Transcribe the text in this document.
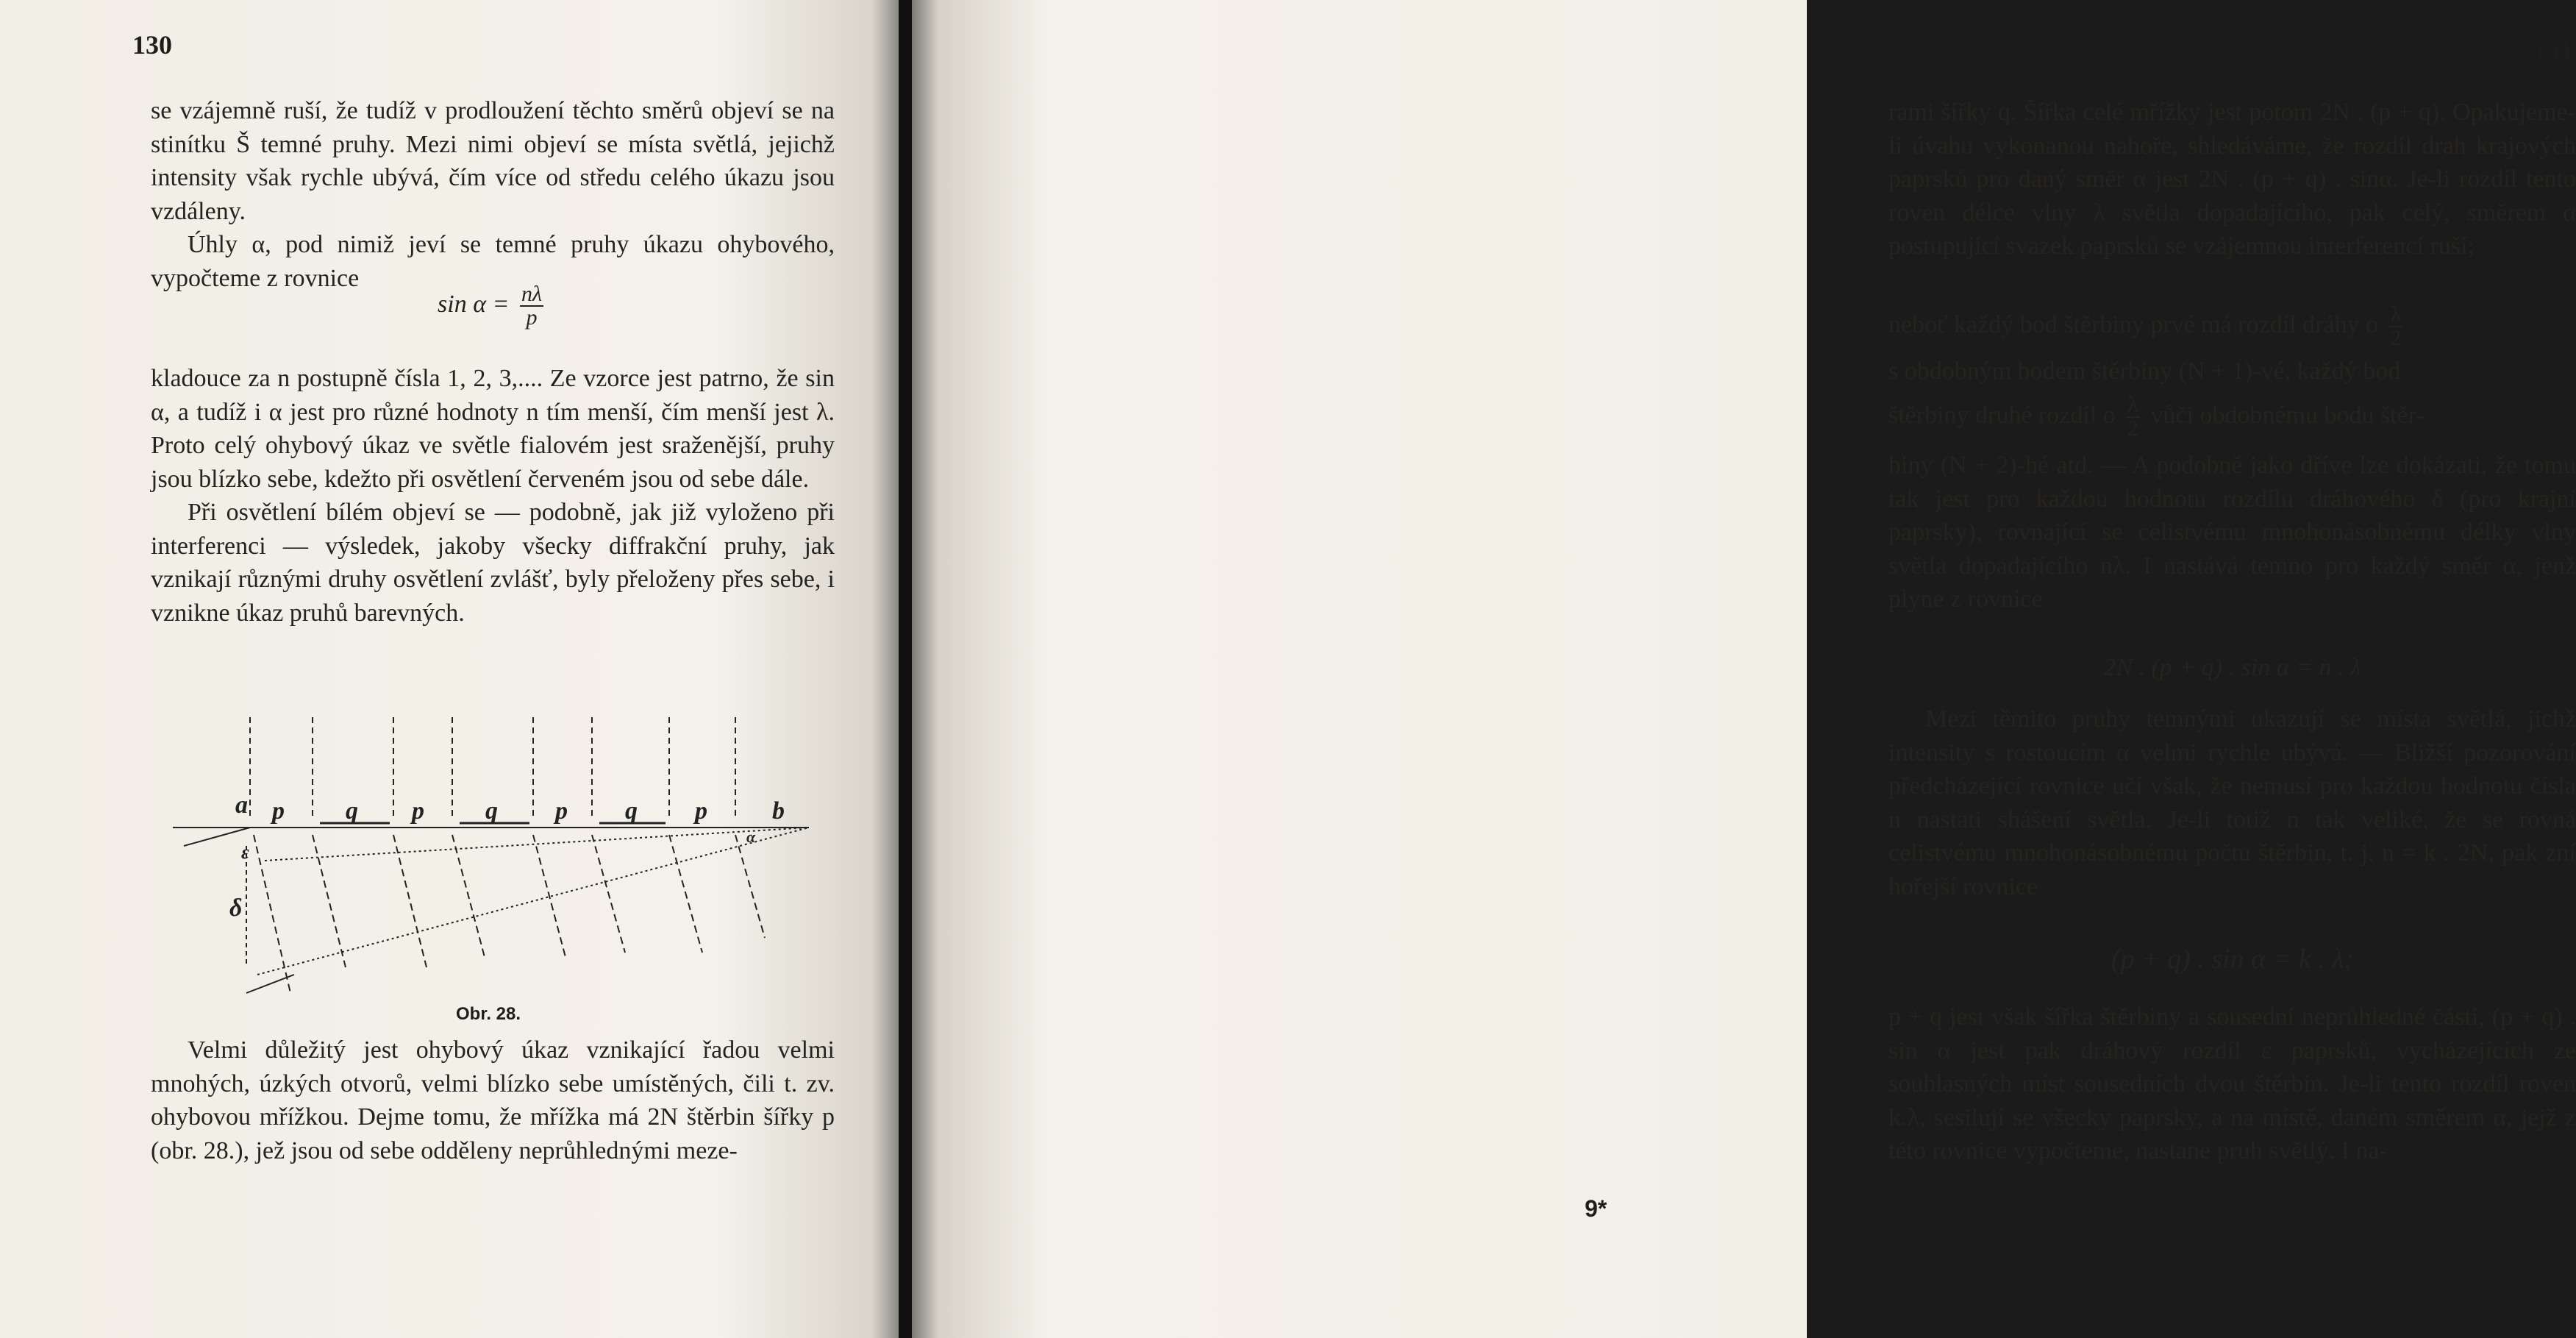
130

se vzájemně ruší, že tudíž v prodloužení těchto směrů objeví se na stinítku Š temné pruhy. Mezi nimi objeví se místa světlá, jejichž intensity však rychle ubývá, čím více od středu celého úkazu jsou vzdáleny.

Úhly α, pod nimiž jeví se temné pruhy úkazu ohybového, vypočteme z rovnice

$\sin \alpha = \frac{n\lambda}{p}$

kladouce za n postupně čísla 1, 2, 3,.... Ze vzorce jest patrno, že sin α, a tudíž i α jest pro různé hodnoty n tím menší, čím menší jest λ. Proto celý ohybový úkaz ve světle fialovém jest sraženější, pruhy jsou blízko sebe, kdežto při osvětlení červeném jsou od sebe dále.

Při osvětlení bílém objeví se — podobně, jak již vyloženo při interferenci — výsledek, jakoby všecky diffrakční pruhy, jak vznikají různými druhy osvětlení zvlášť, byly přeloženy přes sebe, i vznikne úkaz pruhů barevných.

a p q p q p q p	b
ε
δ
α
Obr. 28.

Velmi důležitý jest ohybový úkaz vznikající řadou velmi mnohých, úzkých otvorů, velmi blízko sebe umístěných, čili t. zv. ohybovou mřížkou. Dejme tomu, že mřížka má 2N štěrbin šířky p (obr. 28.), jež jsou od sebe odděleny neprůhlednými meze-

rami šířky q. Šířka celé mřížky jest potom 2N . (p + q). Opakujeme-li úvahu vykonanou nahoře, shledáváme, že rozdíl drah krajových paprsků pro daný směr α jest 2N . (p + q) . sinα. Je-li rozdíl tento roven délce vlny λ světla dopadajícího, pak celý, směrem α postupující svazek paprsků se vzájemnou interferencí ruší;

neboť každý bod štěrbiny prvé má rozdíl dráhy o $\frac{\lambda}{2}$
s obdobným bodem štěrbiny (N + 1)-vé, každý bod
štěrbiny druhé rozdíl o $\frac{\lambda}{2}$ vůči obdobnému bodu štěr-

biny (N + 2)-hé atd. — A podobně jako dříve lze dokázati, že tomu tak jest pro každou hodnotu rozdílu dráhového δ (pro krajní paprsky), rovnající se celistvému mnohonásobnému délky vlny světla dopadajícího nλ. I nastává temno pro každý směr α, jenž plyne z rovnice

2N . (p + q) . sin α = n . λ

Mezi těmito pruhy temnými ukazují se místa světlá, jichž intensity s rostoucím α velmi rychle ubývá. — Bližší pozorování předcházející rovnice učí však, že nemusí pro každou hodnotu čísla n nastati shášení světla. Je-li totiž n tak veliké, že se rovná celistvému mnohonásobnému počtu štěrbin, t. j. n = k . 2N, pak zní hořejší rovnice

(p + q) . sin α = k . λ;

p + q jest však šířka štěrbiny a sousední neprůhledné části, (p + q) . sin α jest pak dráhový rozdíl ε paprsků, vycházejících ze souhlasných míst sousedních dvou štěrbin. Je-li tento rozdíl roven k.λ, sesilují se všecky paprsky, a na místě, daném směrem α, jejž z této rovnice vypočteme, nastane pruh světlý. I na-

131
9*
